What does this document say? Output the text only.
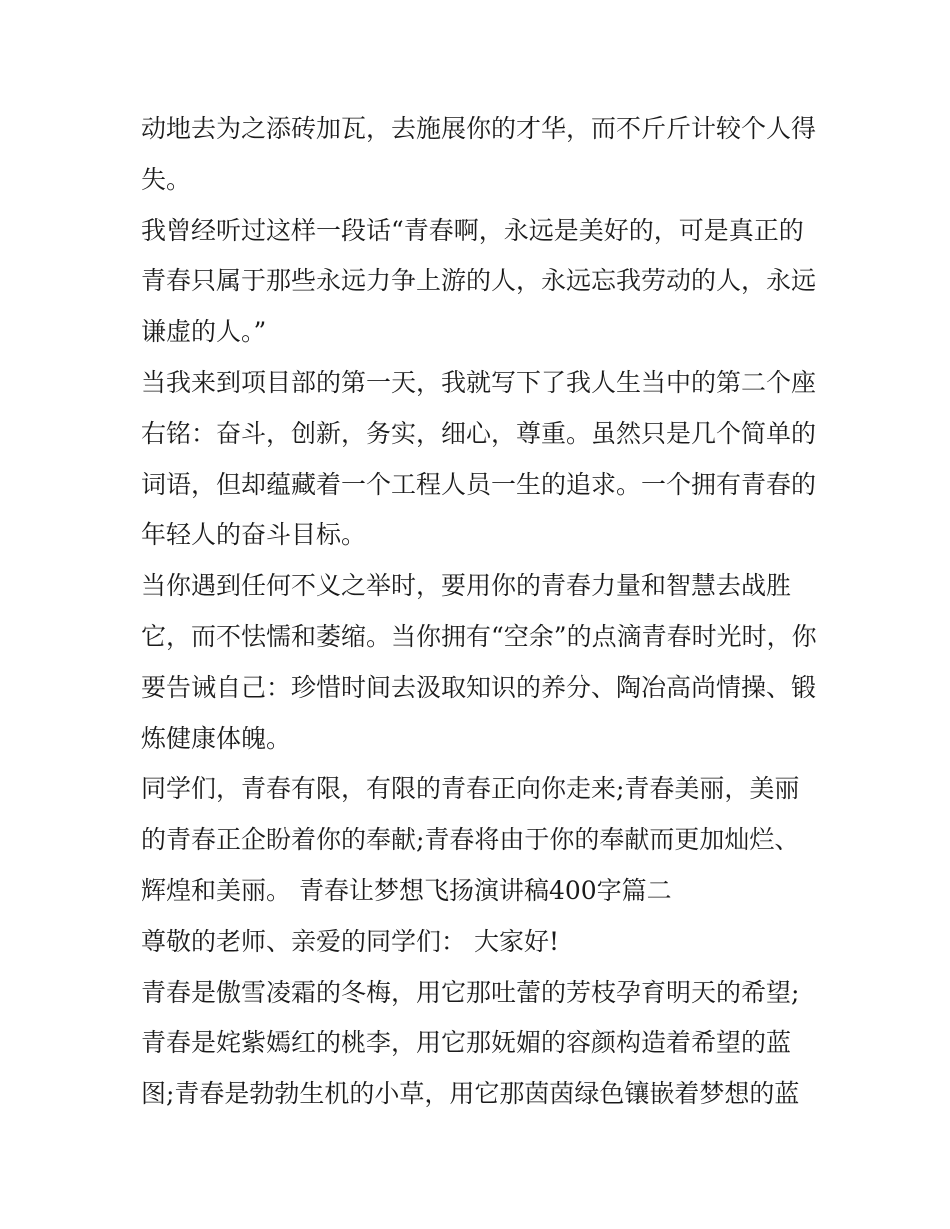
动地去为之添砖加瓦，去施展你的才华，而不斤斤计较个人得
失。
我曾经听过这样一段话“青春啊，永远是美好的，可是真正的
青春只属于那些永远力争上游的人，永远忘我劳动的人，永远
谦虚的人。”
当我来到项目部的第一天，我就写下了我人生当中的第二个座
右铭：奋斗，创新，务实，细心，尊重。虽然只是几个简单的
词语，但却蕴藏着一个工程人员一生的追求。一个拥有青春的
年轻人的奋斗目标。
当你遇到任何不义之举时，要用你的青春力量和智慧去战胜
它，而不怯懦和萎缩。当你拥有“空余”的点滴青春时光时，你
要告诫自己：珍惜时间去汲取知识的养分、陶冶高尚情操、锻
炼健康体魄。
同学们，青春有限，有限的青春正向你走来;青春美丽，美丽
的青春正企盼着你的奉献;青春将由于你的奉献而更加灿烂、
辉煌和美丽。 青春让梦想飞扬演讲稿400字篇二
尊敬的老师、亲爱的同学们： 大家好!
青春是傲雪凌霜的冬梅，用它那吐蕾的芳枝孕育明天的希望;
青春是姹紫嫣红的桃李，用它那妩媚的容颜构造着希望的蓝
图;青春是勃勃生机的小草，用它那茵茵绿色镶嵌着梦想的蓝
